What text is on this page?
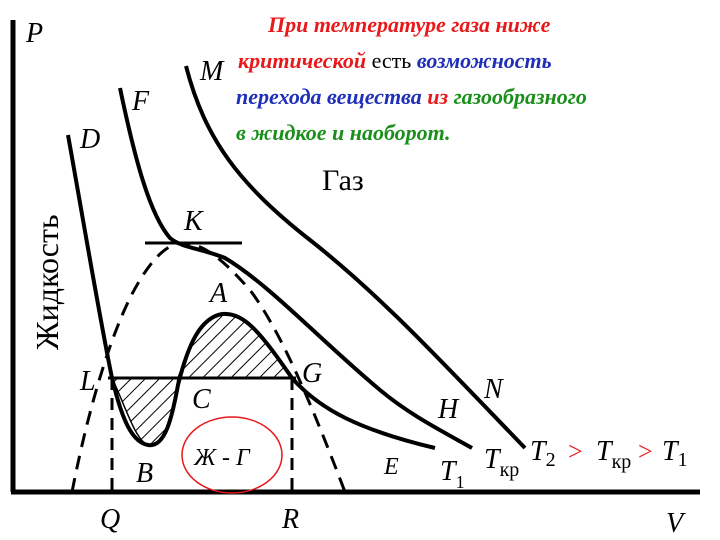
P
V
D
F
M
K
A
L
C
G
B
Q	R
H
N
E
Газ
Жидкость
Ж - Г	$T_1$
$T_{кр}$
$T_2 > T_{кр} > T_1$
При температуре газа ниже
критической есть возможность
перехода вещества из газообразного
в жидкое и наоборот.
